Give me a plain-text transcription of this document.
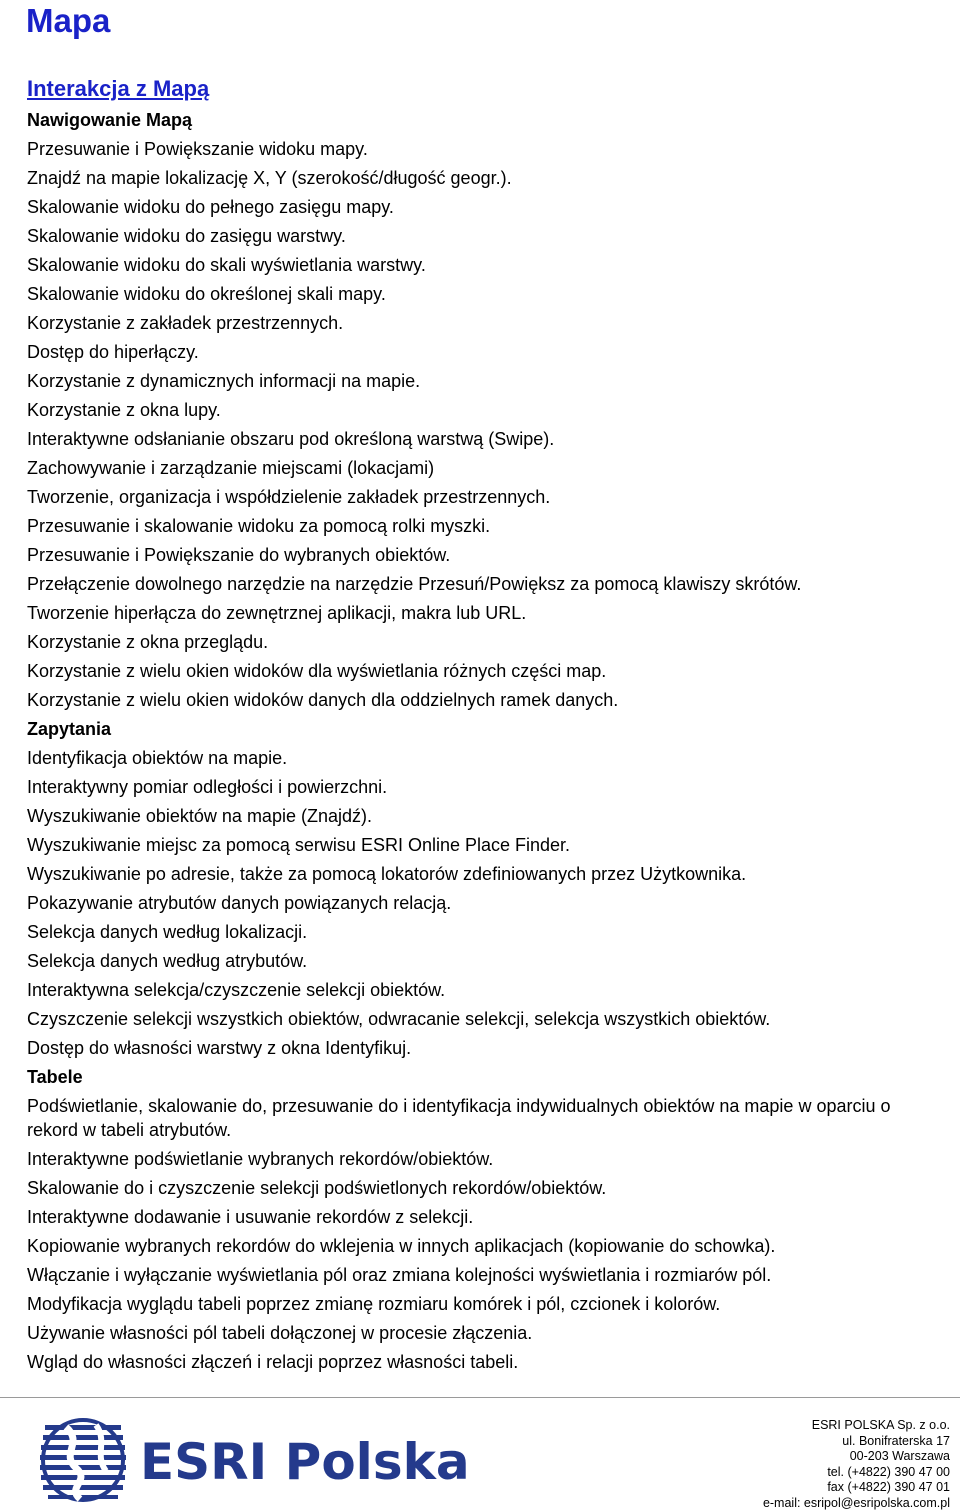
Mapa
Interakcja z Mapą
Nawigowanie Mapą
Przesuwanie i Powiększanie widoku mapy.
Znajdź na mapie lokalizację X, Y (szerokość/długość geogr.).
Skalowanie widoku do pełnego zasięgu mapy.
Skalowanie widoku do zasięgu warstwy.
Skalowanie widoku do skali wyświetlania warstwy.
Skalowanie widoku do określonej skali mapy.
Korzystanie z zakładek przestrzennych.
Dostęp do hiperłączy.
Korzystanie z dynamicznych informacji na mapie.
Korzystanie z okna lupy.
Interaktywne odsłanianie obszaru pod określoną warstwą (Swipe).
Zachowywanie i zarządzanie miejscami (lokacjami)
Tworzenie, organizacja i współdzielenie zakładek przestrzennych.
Przesuwanie i skalowanie widoku za pomocą rolki myszki.
Przesuwanie i Powiększanie do wybranych obiektów.
Przełączenie dowolnego narzędzie na narzędzie Przesuń/Powiększ za pomocą klawiszy skrótów.
Tworzenie hiperłącza do zewnętrznej aplikacji, makra lub URL.
Korzystanie z okna przeglądu.
Korzystanie z wielu okien widoków dla wyświetlania różnych części map.
Korzystanie z wielu okien widoków danych dla oddzielnych ramek danych.
Zapytania
Identyfikacja obiektów na mapie.
Interaktywny pomiar odległości i powierzchni.
Wyszukiwanie obiektów na mapie (Znajdź).
Wyszukiwanie miejsc za pomocą serwisu ESRI Online Place Finder.
Wyszukiwanie po adresie, także za pomocą lokatorów zdefiniowanych przez Użytkownika.
Pokazywanie atrybutów danych powiązanych relacją.
Selekcja danych według lokalizacji.
Selekcja danych według atrybutów.
Interaktywna selekcja/czyszczenie selekcji obiektów.
Czyszczenie selekcji wszystkich obiektów, odwracanie selekcji, selekcja wszystkich obiektów.
Dostęp do własności warstwy z okna Identyfikuj.
Tabele
Podświetlanie, skalowanie do, przesuwanie do i identyfikacja indywidualnych obiektów na mapie w oparciu o rekord w tabeli atrybutów.
Interaktywne podświetlanie wybranych rekordów/obiektów.
Skalowanie do i czyszczenie selekcji podświetlonych rekordów/obiektów.
Interaktywne dodawanie i usuwanie rekordów z selekcji.
Kopiowanie wybranych rekordów do wklejenia w innych aplikacjach (kopiowanie do schowka).
Włączanie i wyłączanie wyświetlania pól oraz zmiana kolejności wyświetlania i rozmiarów pól.
Modyfikacja wyglądu tabeli poprzez zmianę rozmiaru komórek i pól, czcionek i kolorów.
Używanie własności pól tabeli dołączonej w procesie złączenia.
Wgląd do własności złączeń i relacji poprzez własności tabeli.
ESRI Polska
ESRI POLSKA Sp. z o.o.
ul. Bonifraterska 17
00-203 Warszawa
tel. (+4822) 390 47 00
fax (+4822) 390 47 01
e-mail: esripol@esripolska.com.pl
